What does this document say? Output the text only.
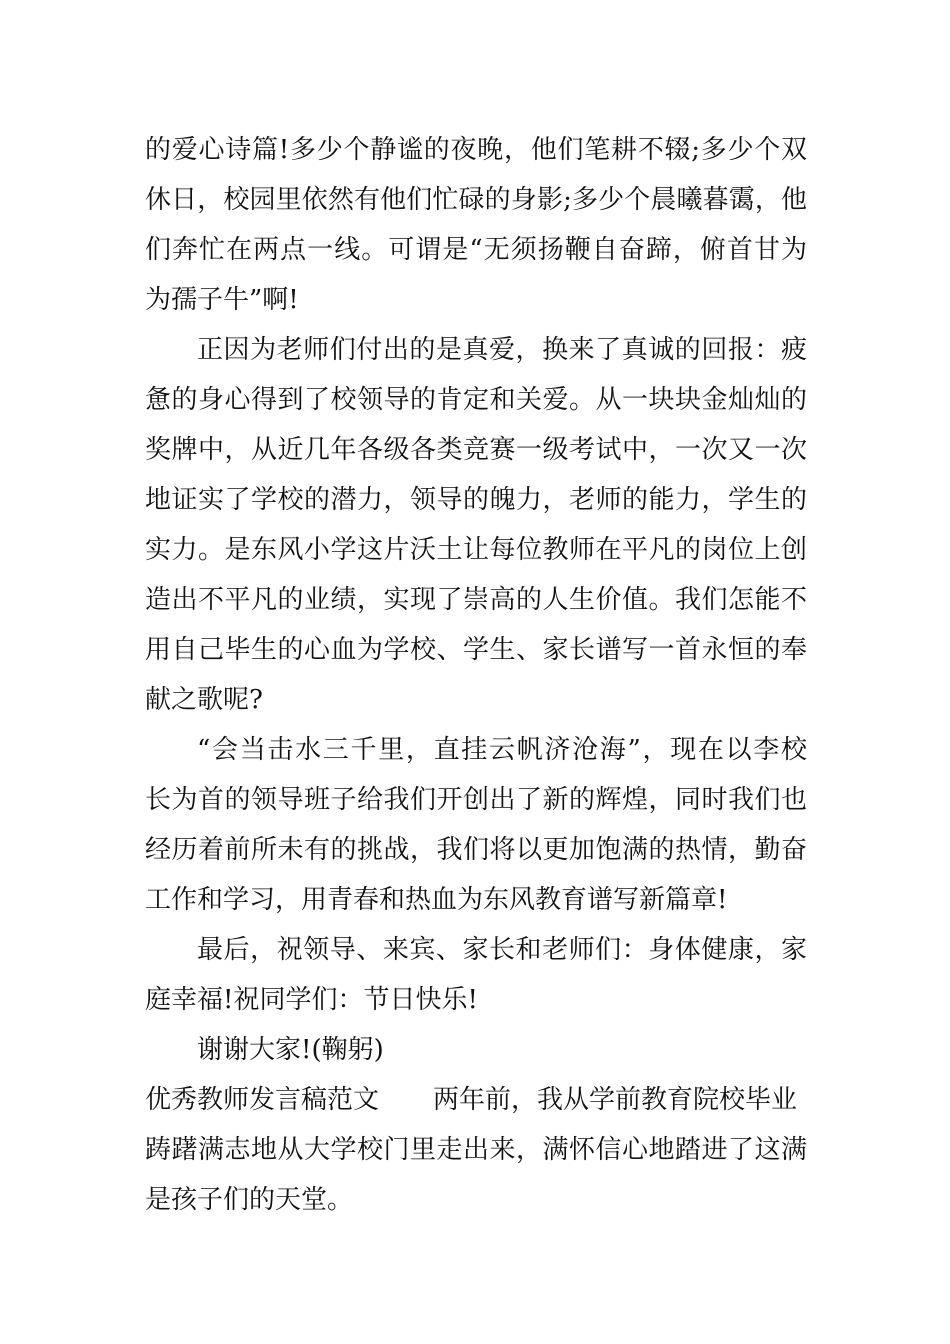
的爱心诗篇!多少个静谧的夜晚，他们笔耕不辍;多少个双
休日，校园里依然有他们忙碌的身影;多少个晨曦暮霭，他
们奔忙在两点一线。可谓是“无须扬鞭自奋蹄，俯首甘为
为孺子牛”啊!
正因为老师们付出的是真爱，换来了真诚的回报：疲
惫的身心得到了校领导的肯定和关爱。从一块块金灿灿的
奖牌中，从近几年各级各类竞赛一级考试中，一次又一次
地证实了学校的潜力，领导的魄力，老师的能力，学生的
实力。是东风小学这片沃土让每位教师在平凡的岗位上创
造出不平凡的业绩，实现了崇高的人生价值。我们怎能不
用自己毕生的心血为学校、学生、家长谱写一首永恒的奉
献之歌呢?
“会当击水三千里，直挂云帆济沧海”，现在以李校
长为首的领导班子给我们开创出了新的辉煌，同时我们也
经历着前所未有的挑战，我们将以更加饱满的热情，勤奋
工作和学习，用青春和热血为东风教育谱写新篇章!
最后，祝领导、来宾、家长和老师们：身体健康，家
庭幸福!祝同学们：节日快乐!
谢谢大家!(鞠躬)
优秀教师发言稿范文 两年前，我从学前教育院校毕业
踌躇满志地从大学校门里走出来，满怀信心地踏进了这满
是孩子们的天堂。
